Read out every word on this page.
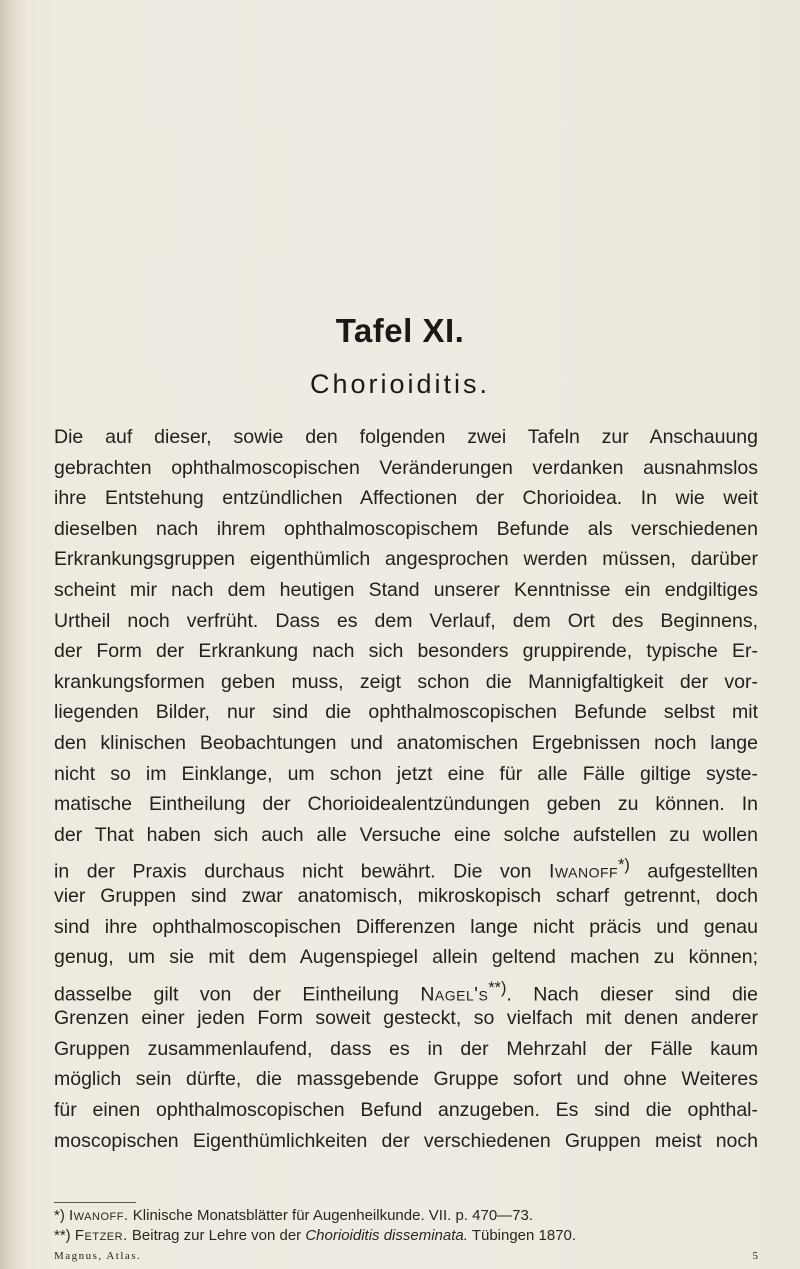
Tafel XI.
Chorioiditis.
Die auf dieser, sowie den folgenden zwei Tafeln zur Anschauung
gebrachten ophthalmoscopischen Veränderungen verdanken ausnahmslos
ihre Entstehung entzündlichen Affectionen der Chorioidea. In wie weit
dieselben nach ihrem ophthalmoscopischem Befunde als verschiedenen
Erkrankungsgruppen eigenthümlich angesprochen werden müssen, darüber
scheint mir nach dem heutigen Stand unserer Kenntnisse ein endgiltiges
Urtheil noch verfrüht. Dass es dem Verlauf, dem Ort des Beginnens,
der Form der Erkrankung nach sich besonders gruppirende, typische Er-
krankungsformen geben muss, zeigt schon die Mannigfaltigkeit der vor-
liegenden Bilder, nur sind die ophthalmoscopischen Befunde selbst mit
den klinischen Beobachtungen und anatomischen Ergebnissen noch lange
nicht so im Einklange, um schon jetzt eine für alle Fälle giltige syste-
matische Eintheilung der Chorioidealentzündungen geben zu können. In
der That haben sich auch alle Versuche eine solche aufstellen zu wollen
in der Praxis durchaus nicht bewährt. Die von Iwanoff*) aufgestellten
vier Gruppen sind zwar anatomisch, mikroskopisch scharf getrennt, doch
sind ihre ophthalmoscopischen Differenzen lange nicht präcis und genau
genug, um sie mit dem Augenspiegel allein geltend machen zu können;
dasselbe gilt von der Eintheilung Nagel's**). Nach dieser sind die
Grenzen einer jeden Form soweit gesteckt, so vielfach mit denen anderer
Gruppen zusammenlaufend, dass es in der Mehrzahl der Fälle kaum
möglich sein dürfte, die massgebende Gruppe sofort und ohne Weiteres
für einen ophthalmoscopischen Befund anzugeben. Es sind die ophthal-
moscopischen Eigenthümlichkeiten der verschiedenen Gruppen meist noch
*) Iwanoff. Klinische Monatsblätter für Augenheilkunde. VII. p. 470—73.
**) Fetzer. Beitrag zur Lehre von der Chorioiditis disseminata. Tübingen 1870.
Magnus, Atlas.	5
